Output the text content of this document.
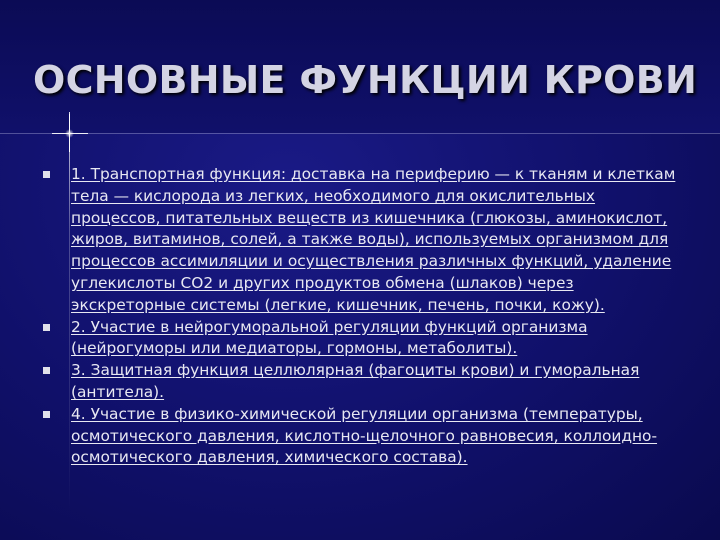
ОСНОВНЫЕ ФУНКЦИИ КРОВИ
1. Транспортная функция: доставка на периферию — к тканям и клеткам тела — кислорода из легких, необходимого для окислительных процессов, питательных веществ из кишечника (глюкозы, аминокислот, жиров, витаминов, солей, а также воды), используемых организмом для процессов ассимиляции и осуществления различных функций, удаление углекислоты СО2 и других продуктов обмена (шлаков) через экскреторные системы (легкие, кишечник, печень, почки, кожу).
2. Участие в нейрогуморальной регуляции функций организма (нейрогуморы или медиаторы, гормоны, метаболиты).
3. Защитная функция целлюлярная (фагоциты крови) и гуморальная (антитела).
4. Участие в физико-химической регуляции организма (температуры, осмотического давления, кислотно-щелочного равновесия, коллоидно-осмотического давления, химического состава).
